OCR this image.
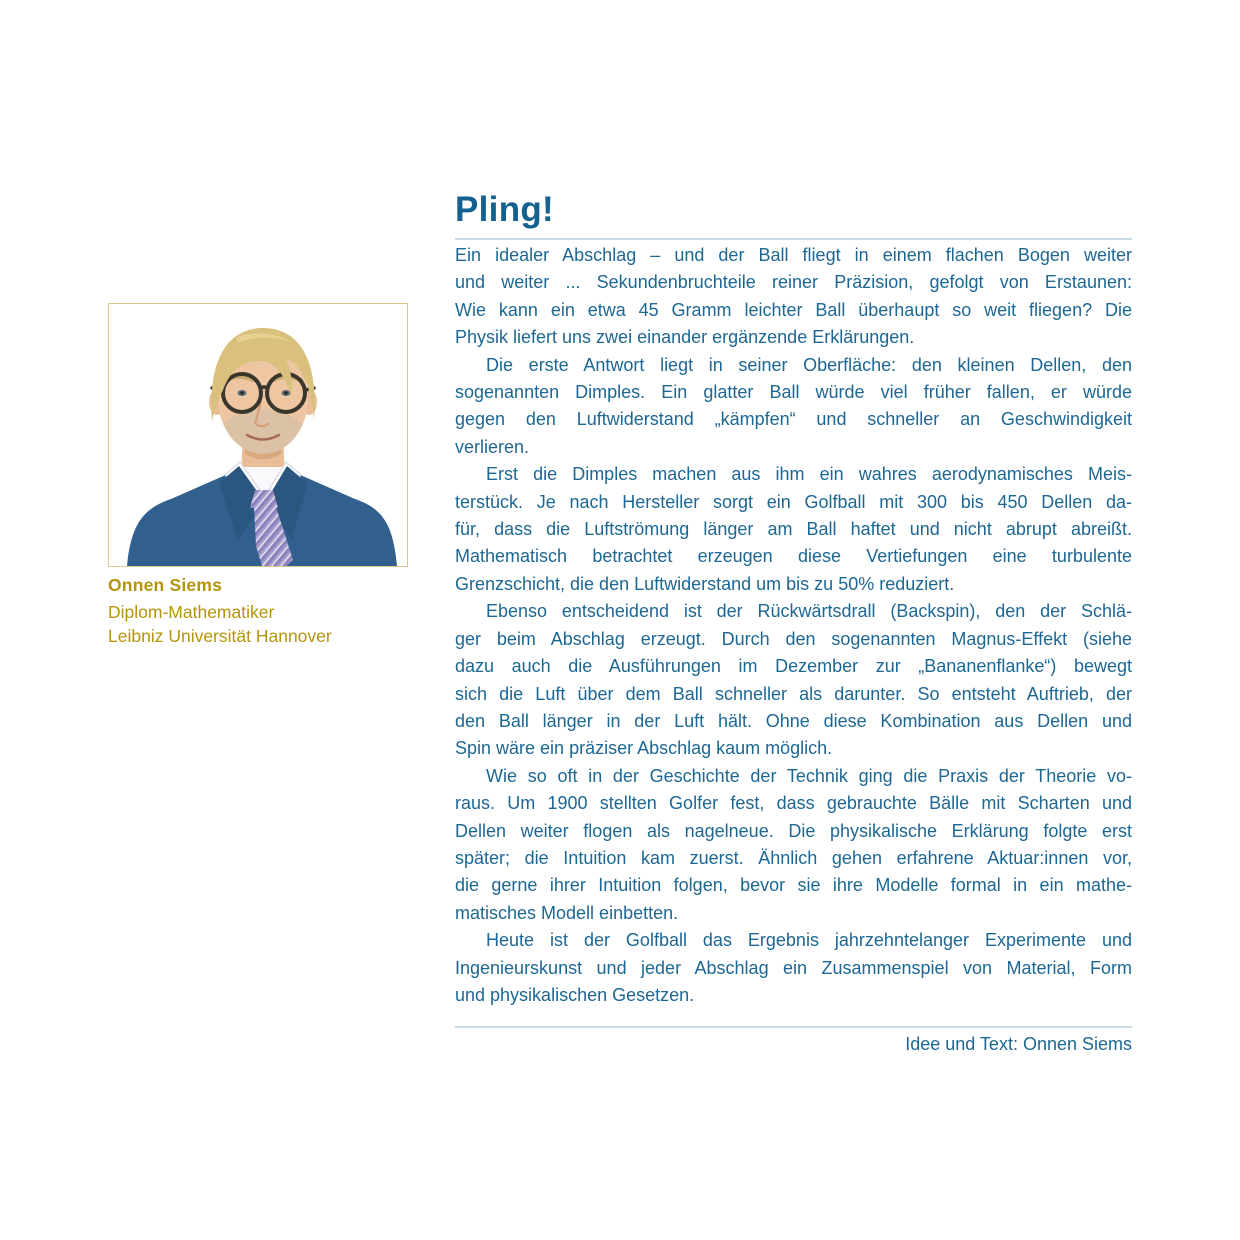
Onnen Siems
Diplom-Mathematiker
Leibniz Universität Hannover
Pling!
Ein idealer Abschlag – und der Ball fliegt in einem flachen Bogen weiter
und weiter ... Sekundenbruchteile reiner Präzision, gefolgt von Erstaunen:
Wie kann ein etwa 45 Gramm leichter Ball überhaupt so weit fliegen? Die
Physik liefert uns zwei einander ergänzende Erklärungen.
Die erste Antwort liegt in seiner Oberfläche: den kleinen Dellen, den
sogenannten Dimples. Ein glatter Ball würde viel früher fallen, er würde
gegen den Luftwiderstand „kämpfen“ und schneller an Geschwindigkeit
verlieren.
Erst die Dimples machen aus ihm ein wahres aerodynamisches Meis-
terstück. Je nach Hersteller sorgt ein Golfball mit 300 bis 450 Dellen da-
für, dass die Luftströmung länger am Ball haftet und nicht abrupt abreißt.
Mathematisch betrachtet erzeugen diese Vertiefungen eine turbulente
Grenzschicht, die den Luftwiderstand um bis zu 50% reduziert.
Ebenso entscheidend ist der Rückwärtsdrall (Backspin), den der Schlä-
ger beim Abschlag erzeugt. Durch den sogenannten Magnus-Effekt (siehe
dazu auch die Ausführungen im Dezember zur „Bananenflanke“) bewegt
sich die Luft über dem Ball schneller als darunter. So entsteht Auftrieb, der
den Ball länger in der Luft hält. Ohne diese Kombination aus Dellen und
Spin wäre ein präziser Abschlag kaum möglich.
Wie so oft in der Geschichte der Technik ging die Praxis der Theorie vo-
raus. Um 1900 stellten Golfer fest, dass gebrauchte Bälle mit Scharten und
Dellen weiter flogen als nagelneue. Die physikalische Erklärung folgte erst
später; die Intuition kam zuerst. Ähnlich gehen erfahrene Aktuar:innen vor,
die gerne ihrer Intuition folgen, bevor sie ihre Modelle formal in ein mathe-
matisches Modell einbetten.
Heute ist der Golfball das Ergebnis jahrzehntelanger Experimente und
Ingenieurskunst und jeder Abschlag ein Zusammenspiel von Material, Form
und physikalischen Gesetzen.
Idee und Text: Onnen Siems
